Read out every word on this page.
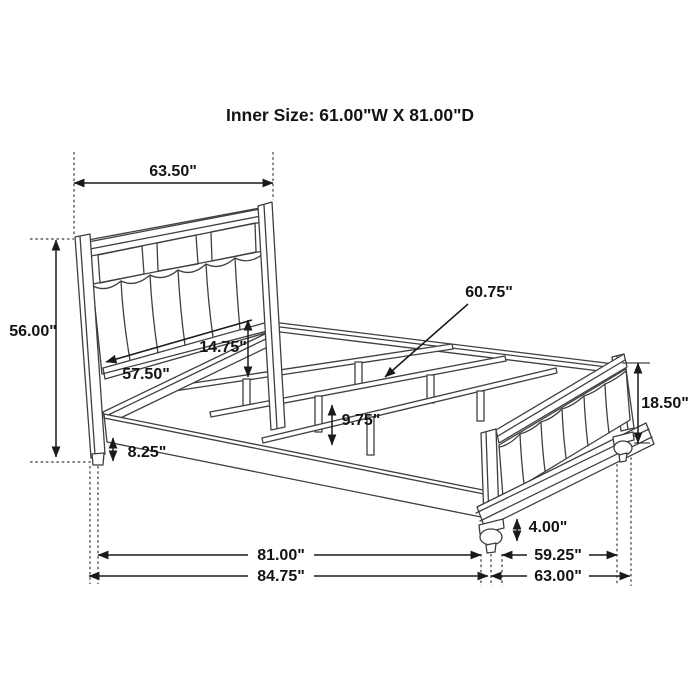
Inner Size: 61.00"W X 81.00"D
63.50"
56.00"
57.50"
14.75"
60.75"
9.75"
8.25"
18.50"
4.00"
81.00"	59.25"
84.75"	63.00"
